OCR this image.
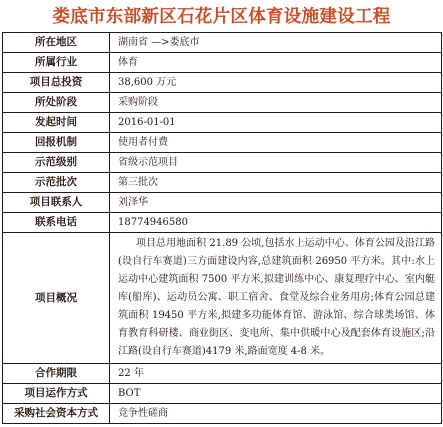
娄底市东部新区石花片区体育设施建设工程
所在地区	湖南省 —>娄底市
所属行业	体育
项目总投资	38,600 万元
所处阶段	采购阶段
发起时间	2016-01-01
回报机制	使用者付费
示范级别	省级示范项目
示范批次	第三批次
项目联系人	刘泽华
联系电话	18774946580
项目概况	项目总用地面积 21.89 公顷,包括水上运动中心、体育公园及沿江路(设自行车赛道)三方面建设内容,总建筑面积 26950 平方米。其中:水上运动中心建筑面积 7500 平方米,拟建训练中心、康复理疗中心、室内艇库(船库)、运动员公寓、职工宿舍、食堂及综合业务用房;体育公园总建筑面积 19450 平方米,拟建多功能体育馆、游泳馆、综合球类场馆、体育教育科研楼、商业街区、变电所、集中供暖中心及配套体育设施区;沿江路(设自行车赛道)4179 米,路面宽度 4-8 米。
合作期限	22 年
项目运作方式	BOT
采购社会资本方式	竞争性磋商
